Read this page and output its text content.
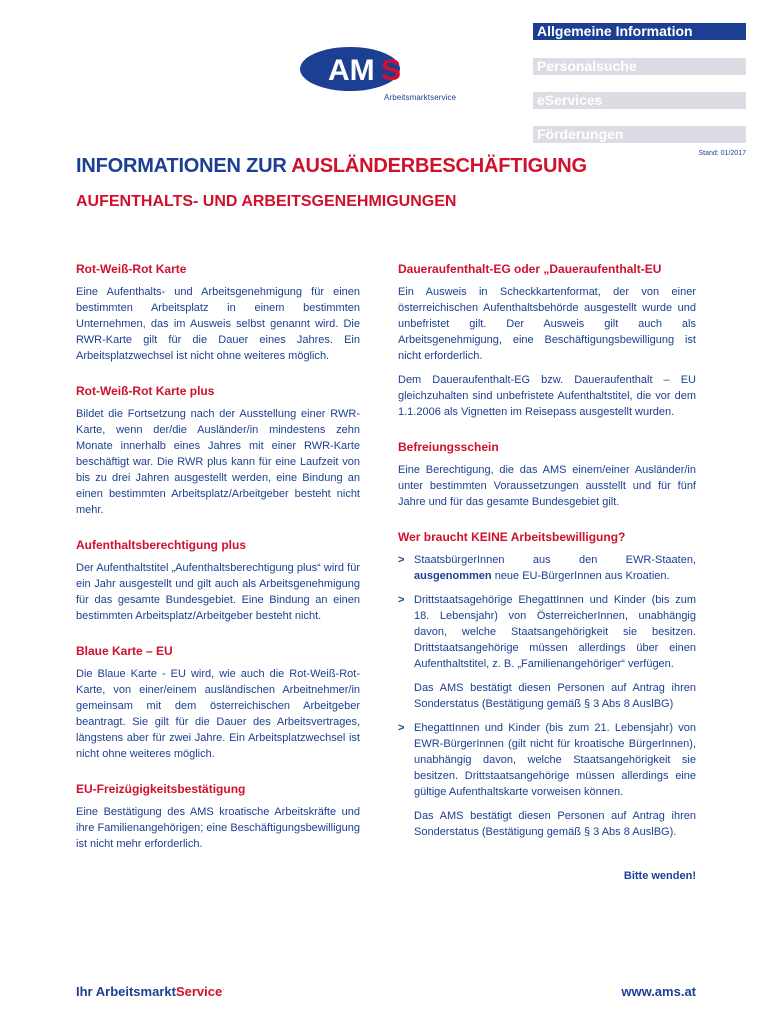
AM S
Arbeitsmarktservice
Allgemeine Information
Personalsuche
eServices
Förderungen
Stand: 01/2017
INFORMATIONEN ZUR AUSLÄNDERBESCHÄFTIGUNG
AUFENTHALTS- UND ARBEITSGENEHMIGUNGEN
Rot-Weiß-Rot Karte
Eine Aufenthalts- und Arbeitsgenehmigung für einen bestimmten Arbeitsplatz in einem bestimmten Unternehmen, das im Ausweis selbst genannt wird. Die RWR-Karte gilt für die Dauer eines Jahres. Ein Arbeitsplatzwechsel ist nicht ohne weiteres möglich.
Rot-Weiß-Rot Karte plus
Bildet die Fortsetzung nach der Ausstellung einer RWR-Karte, wenn der/die Ausländer/in mindestens zehn Monate innerhalb eines Jahres mit einer RWR-Karte beschäftigt war. Die RWR plus kann für eine Laufzeit von bis zu drei Jahren ausgestellt werden, eine Bindung an einen bestimmten Arbeitsplatz/Arbeitgeber besteht nicht mehr.
Aufenthaltsberechtigung plus
Der Aufenthaltstitel „Aufenthaltsberechtigung plus“ wird für ein Jahr ausgestellt und gilt auch als Arbeitsgenehmigung für das gesamte Bundesgebiet. Eine Bindung an einen bestimmten Arbeitsplatz/Arbeitgeber besteht nicht.
Blaue Karte – EU
Die Blaue Karte - EU wird, wie auch die Rot-Weiß-Rot-Karte, von einer/einem ausländischen Arbeitnehmer/in gemeinsam mit dem österreichischen Arbeitgeber beantragt. Sie gilt für die Dauer des Arbeitsvertrages, längstens aber für zwei Jahre. Ein Arbeitsplatzwechsel ist nicht ohne weiteres möglich.
EU-Freizügigkeitsbestätigung
Eine Bestätigung des AMS kroatische Arbeitskräfte und ihre Familienangehörigen; eine Beschäftigungsbewilligung ist nicht mehr erforderlich.
Daueraufenthalt-EG oder „Daueraufenthalt-EU
Ein Ausweis in Scheckkartenformat, der von einer österreichischen Aufenthaltsbehörde ausgestellt wurde und unbefristet gilt. Der Ausweis gilt auch als Arbeitsgenehmigung, eine Beschäftigungsbewilligung ist nicht erforderlich.
Dem Daueraufenthalt-EG bzw. Daueraufenthalt – EU gleichzuhalten sind unbefristete Aufenthaltstitel, die vor dem 1.1.2006 als Vignetten im Reisepass ausgestellt wurden.
Befreiungsschein
Eine Berechtigung, die das AMS einem/einer Ausländer/in unter bestimmten Voraussetzungen ausstellt und für fünf Jahre und für das gesamte Bundesgebiet gilt.
Wer braucht KEINE Arbeitsbewilligung?
> StaatsbürgerInnen aus den EWR-Staaten, ausgenommen neue EU-BürgerInnen aus Kroatien.
> Drittstaatsagehörige EhegattInnen und Kinder (bis zum 18. Lebensjahr) von ÖsterreicherInnen, unabhängig davon, welche Staatsangehörigkeit sie besitzen. Drittstaatsangehörige müssen allerdings über einen Aufenthaltstitel, z. B. „Familienangehöriger“ verfügen.
Das AMS bestätigt diesen Personen auf Antrag ihren Sonderstatus (Bestätigung gemäß § 3 Abs 8 AuslBG)
> EhegattInnen und Kinder (bis zum 21. Lebensjahr) von EWR-BürgerInnen (gilt nicht für kroatische BürgerInnen), unabhängig davon, welche Staatsangehörigkeit sie besitzen. Drittstaatsangehörige müssen allerdings eine gültige Aufenthaltskarte vorweisen können.
Das AMS bestätigt diesen Personen auf Antrag ihren Sonderstatus (Bestätigung gemäß § 3 Abs 8 AuslBG).
Bitte wenden!
Ihr ArbeitsmarktService	www.ams.at
